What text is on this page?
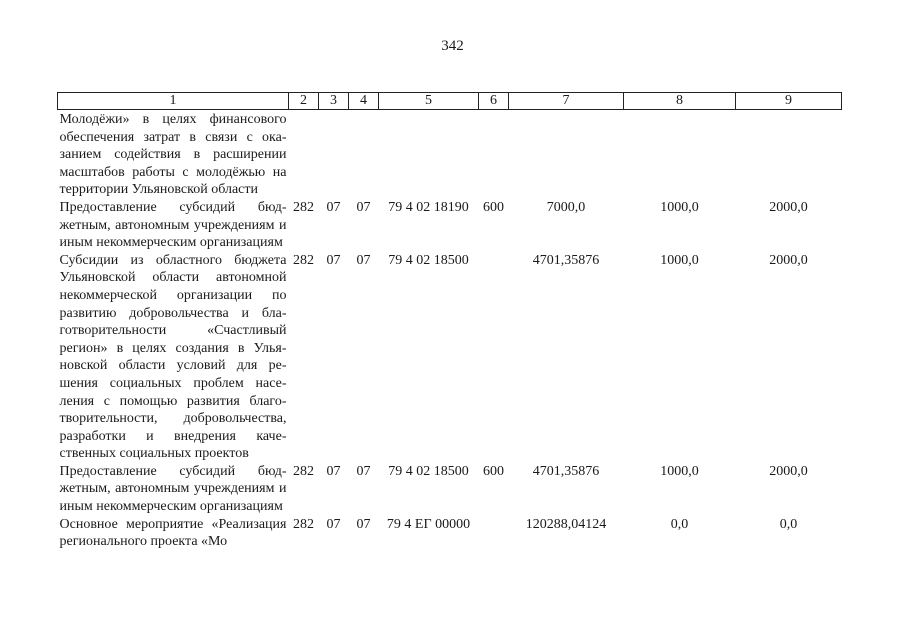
342
1	2	3	4	5	6	7	8	9
Молодёжи» в целях финансового обеспечения затрат в связи с оказанием содействия в расширении масштабов работы с молодёжью на территории Ульяновской области								
Предоставление субсидий бюджетным, автономным учреждениям и иным некоммерческим организациям	282	07	07	79 4 02 18190	600	7000,0	1000,0	2000,0
Субсидии из областного бюджета Ульяновской области автономной некоммерческой организации по развитию добровольчества и благотворительности «Счастливый регион» в целях создания в Ульяновской области условий для решения социальных проблем населения с помощью развития благотворительности, добровольчества, разработки и внедрения качественных социальных проектов	282	07	07	79 4 02 18500		4701,35876	1000,0	2000,0
Предоставление субсидий бюджетным, автономным учреждениям и иным некоммерческим организациям	282	07	07	79 4 02 18500	600	4701,35876	1000,0	2000,0
Основное мероприятие «Реализация регионального проекта «Мо	282	07	07	79 4 ЕГ 00000		120288,04124	0,0	0,0
